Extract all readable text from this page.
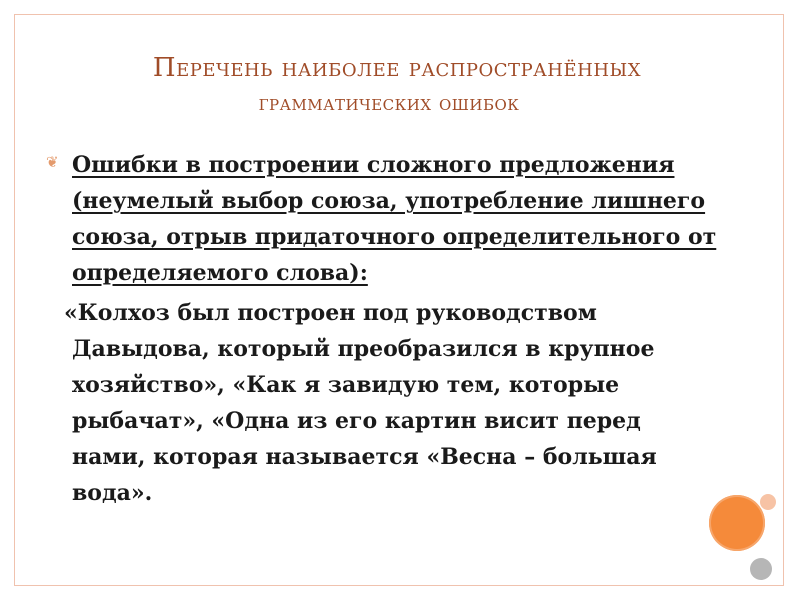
Перечень наиболее распространённых
грамматических ошибок
❦ Ошибки в построении сложного предложения (неумелый выбор союза, употребление лишнего союза, отрыв придаточного определительного от определяемого слова):
«Колхоз был построен под руководством Давыдова, который преобразился в крупное хозяйство», «Как я завидую тем, которые рыбачат», «Одна из его картин висит перед нами, которая называется «Весна – большая вода».
